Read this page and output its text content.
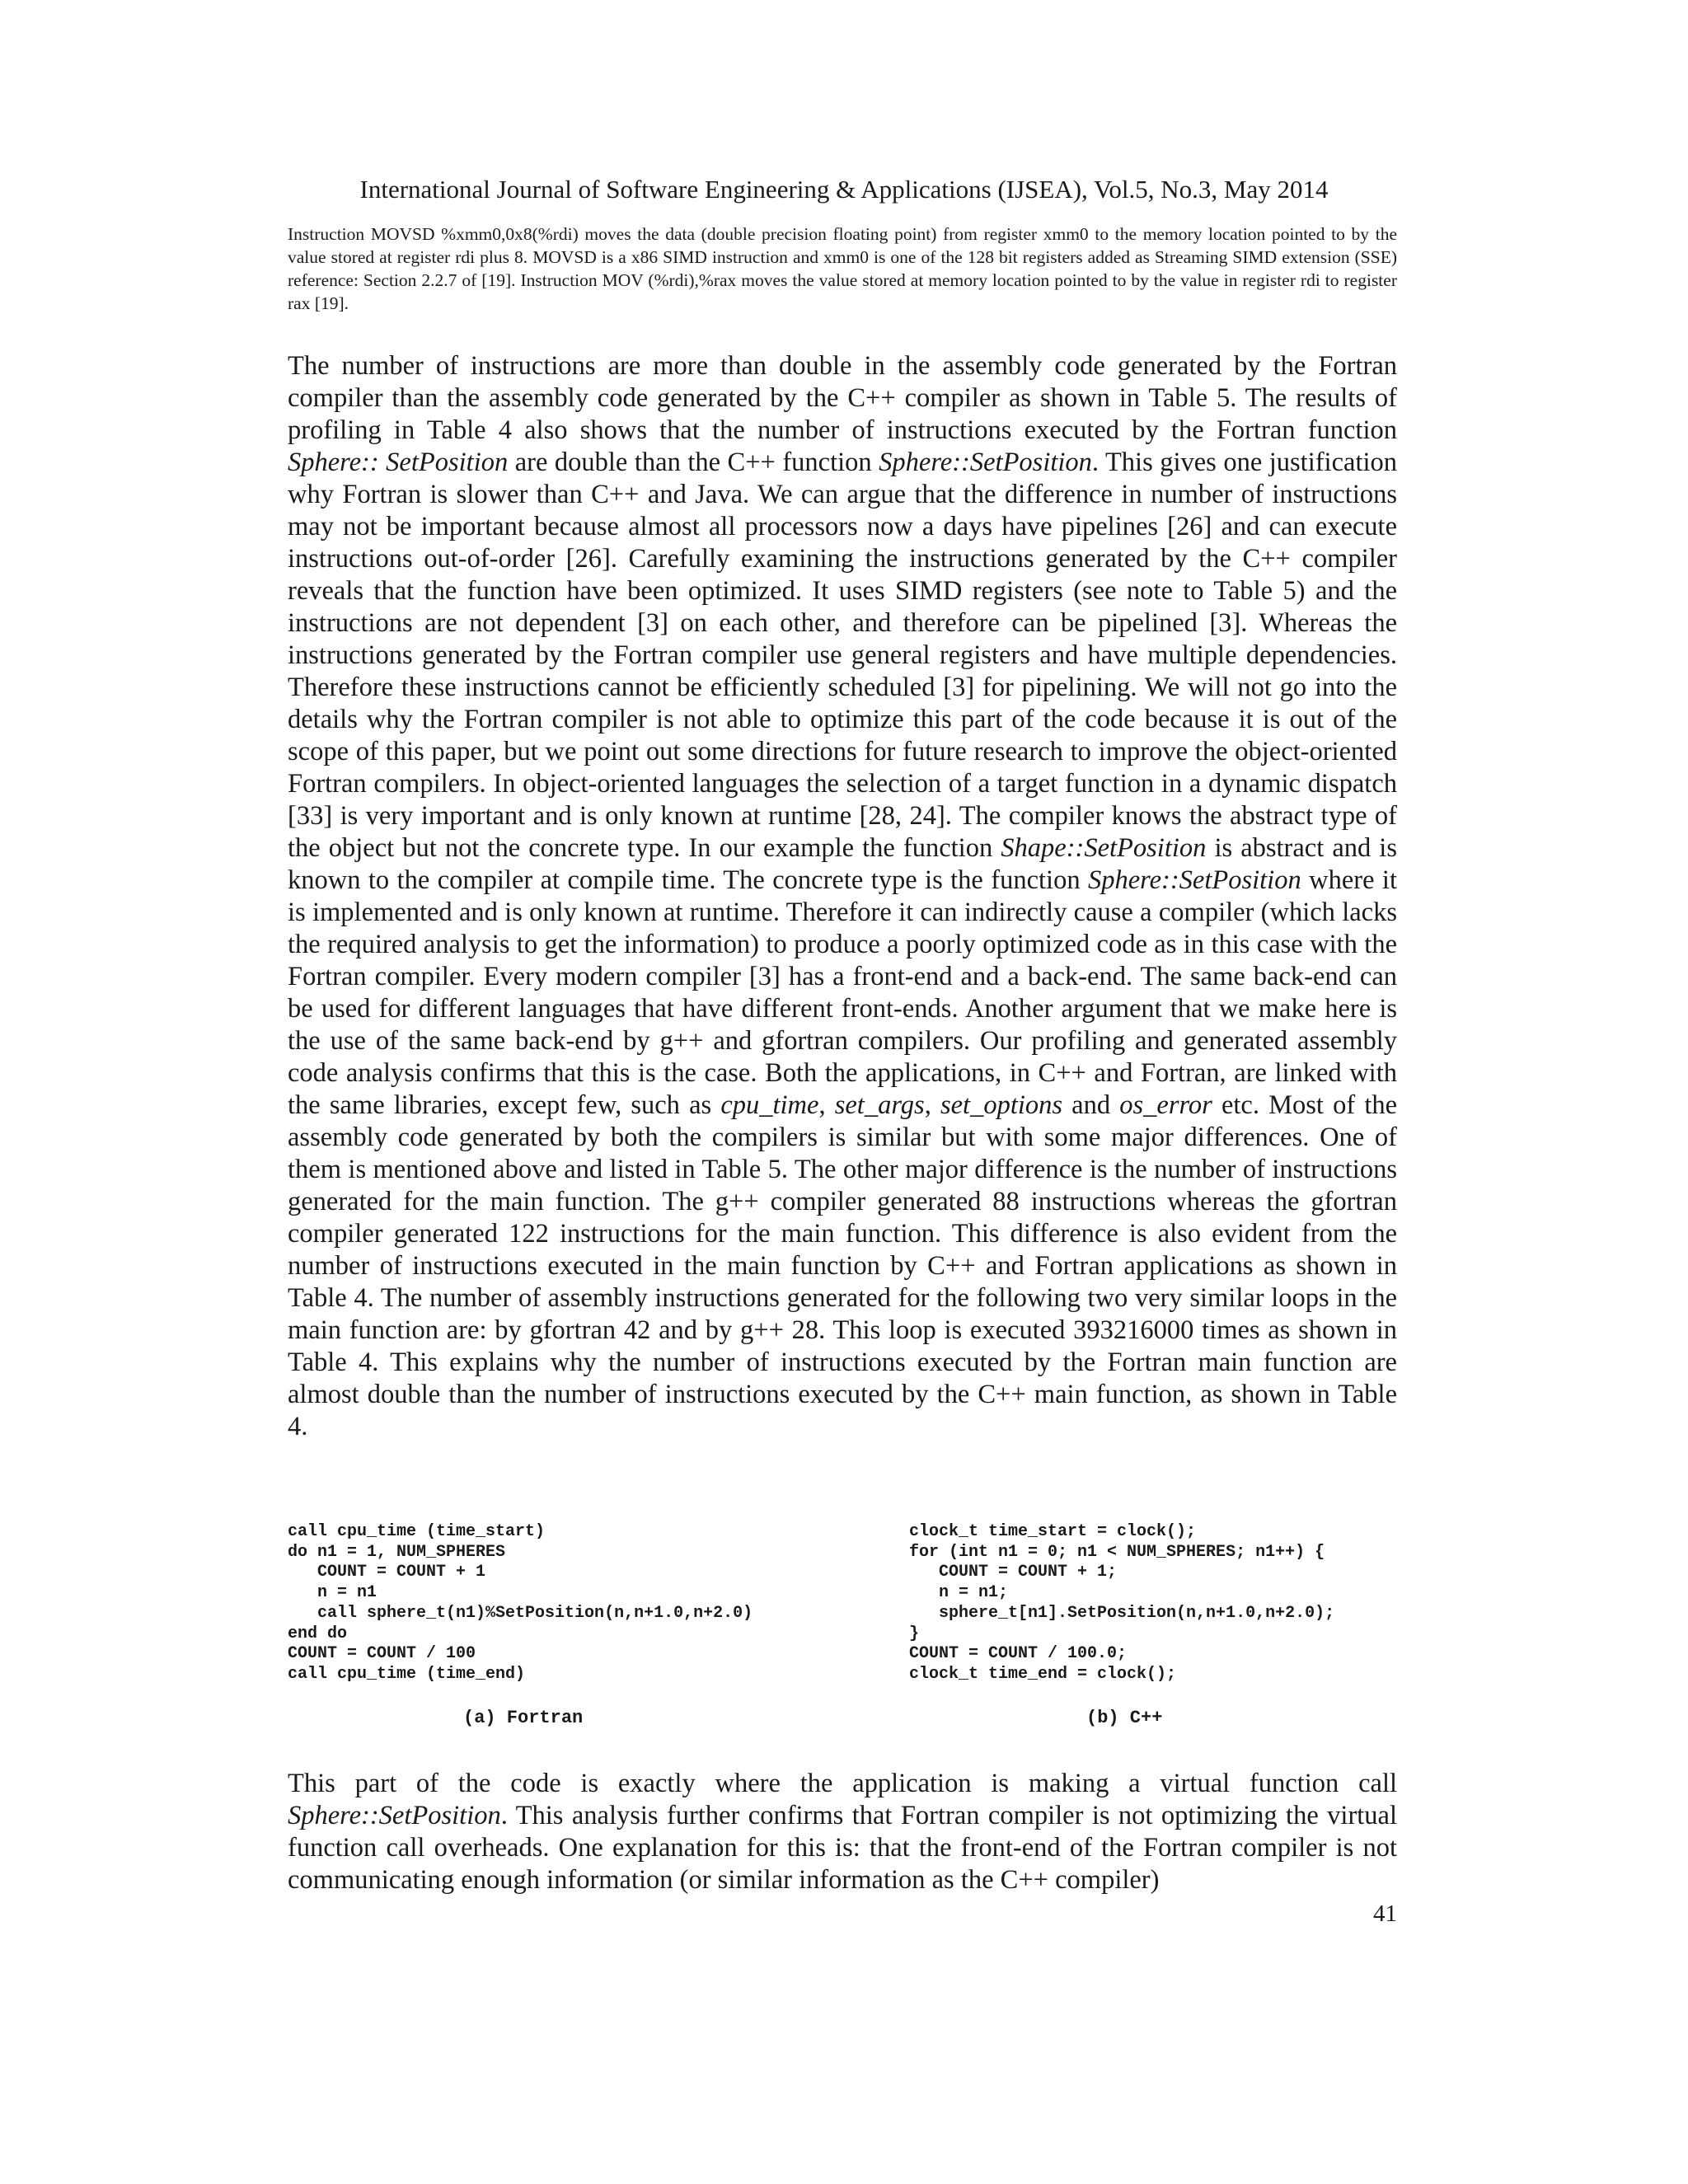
International Journal of Software Engineering & Applications (IJSEA), Vol.5, No.3, May 2014
Instruction MOVSD %xmm0,0x8(%rdi) moves the data (double precision floating point) from register xmm0 to the memory location pointed to by the value stored at register rdi plus 8. MOVSD is a x86 SIMD instruction and xmm0 is one of the 128 bit registers added as Streaming SIMD extension (SSE) reference: Section 2.2.7 of [19]. Instruction MOV (%rdi),%rax moves the value stored at memory location pointed to by the value in register rdi to register rax [19].
The number of instructions are more than double in the assembly code generated by the Fortran compiler than the assembly code generated by the C++ compiler as shown in Table 5. The results of profiling in Table 4 also shows that the number of instructions executed by the Fortran function Sphere:: SetPosition are double than the C++ function Sphere::SetPosition. This gives one justification why Fortran is slower than C++ and Java. We can argue that the difference in number of instructions may not be important because almost all processors now a days have pipelines [26] and can execute instructions out-of-order [26]. Carefully examining the instructions generated by the C++ compiler reveals that the function have been optimized. It uses SIMD registers (see note to Table 5) and the instructions are not dependent [3] on each other, and therefore can be pipelined [3]. Whereas the instructions generated by the Fortran compiler use general registers and have multiple dependencies. Therefore these instructions cannot be efficiently scheduled [3] for pipelining. We will not go into the details why the Fortran compiler is not able to optimize this part of the code because it is out of the scope of this paper, but we point out some directions for future research to improve the object-oriented Fortran compilers. In object-oriented languages the selection of a target function in a dynamic dispatch [33] is very important and is only known at runtime [28, 24]. The compiler knows the abstract type of the object but not the concrete type. In our example the function Shape::SetPosition is abstract and is known to the compiler at compile time. The concrete type is the function Sphere::SetPosition where it is implemented and is only known at runtime. Therefore it can indirectly cause a compiler (which lacks the required analysis to get the information) to produce a poorly optimized code as in this case with the Fortran compiler. Every modern compiler [3] has a front-end and a back-end. The same back-end can be used for different languages that have different front-ends. Another argument that we make here is the use of the same back-end by g++ and gfortran compilers. Our profiling and generated assembly code analysis confirms that this is the case. Both the applications, in C++ and Fortran, are linked with the same libraries, except few, such as cpu_time, set_args, set_options and os_error etc. Most of the assembly code generated by both the compilers is similar but with some major differences. One of them is mentioned above and listed in Table 5. The other major difference is the number of instructions generated for the main function. The g++ compiler generated 88 instructions whereas the gfortran compiler generated 122 instructions for the main function. This difference is also evident from the number of instructions executed in the main function by C++ and Fortran applications as shown in Table 4. The number of assembly instructions generated for the following two very similar loops in the main function are: by gfortran 42 and by g++ 28. This loop is executed 393216000 times as shown in Table 4. This explains why the number of instructions executed by the Fortran main function are almost double than the number of instructions executed by the C++ main function, as shown in Table 4.
call cpu_time (time_start)
do n1 = 1, NUM_SPHERES
COUNT = COUNT + 1
n = n1
call sphere_t(n1)%SetPosition(n,n+1.0,n+2.0)
end do
COUNT = COUNT / 100
call cpu_time (time_end)
clock_t time_start = clock();
for (int n1 = 0; n1 < NUM_SPHERES; n1++) {
COUNT = COUNT + 1;
n = n1;
sphere_t[n1].SetPosition(n,n+1.0,n+2.0);
}
COUNT = COUNT / 100.0;
clock_t time_end = clock();
(a) Fortran	(b) C++
This part of the code is exactly where the application is making a virtual function call Sphere::SetPosition. This analysis further confirms that Fortran compiler is not optimizing the virtual function call overheads. One explanation for this is: that the front-end of the Fortran compiler is not communicating enough information (or similar information as the C++ compiler)
41
